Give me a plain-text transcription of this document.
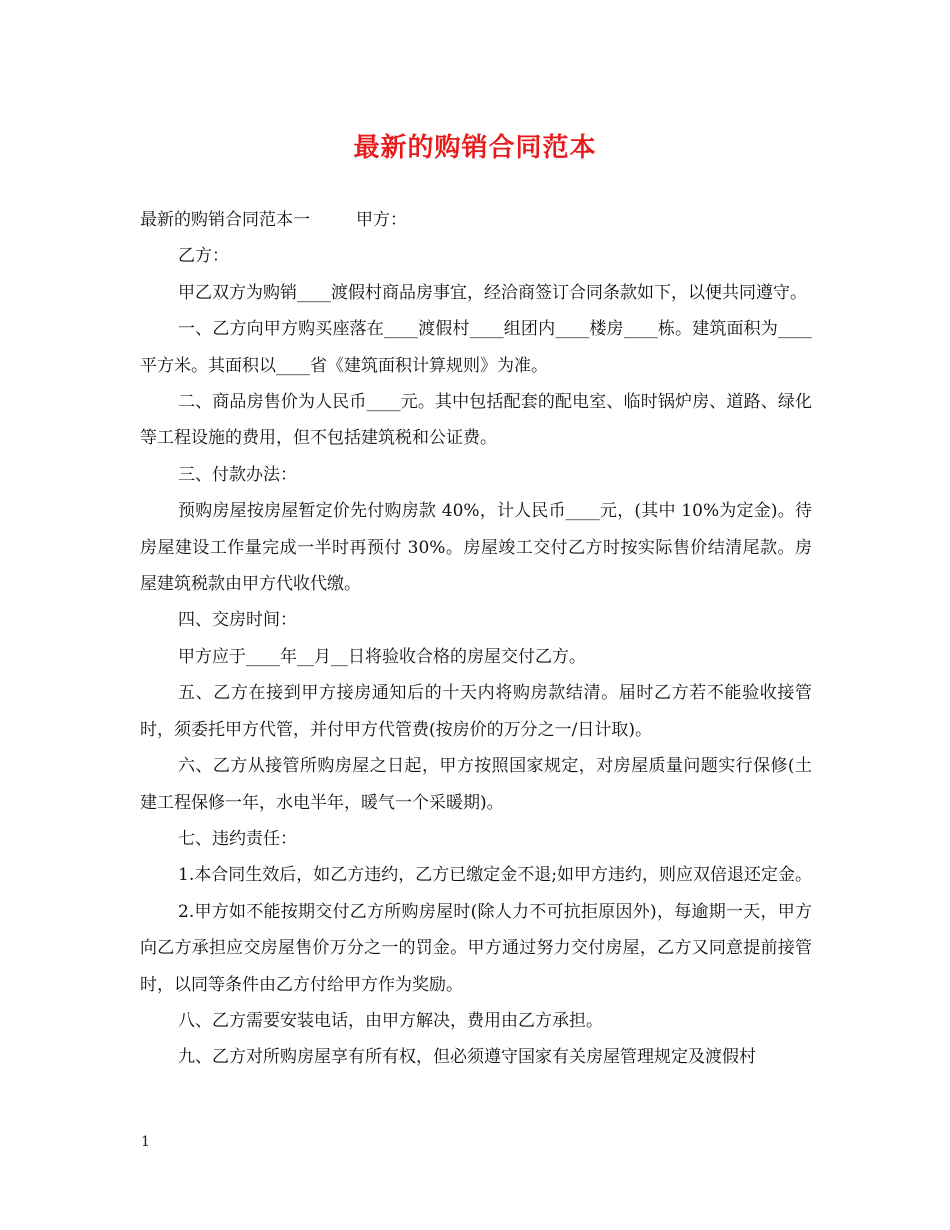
最新的购销合同范本

最新的购销合同范本一	甲方：

乙方：

甲乙双方为购销____渡假村商品房事宜，经洽商签订合同条款如下，以便共同遵守。

一、乙方向甲方购买座落在____渡假村____组团内____楼房____栋。建筑面积为____平方米。其面积以____省《建筑面积计算规则》为准。

二、商品房售价为人民币____元。其中包括配套的配电室、临时锅炉房、道路、绿化等工程设施的费用，但不包括建筑税和公证费。

三、付款办法：

预购房屋按房屋暂定价先付购房款 40%，计人民币____元，(其中 10%为定金)。待房屋建设工作量完成一半时再预付 30%。房屋竣工交付乙方时按实际售价结清尾款。房屋建筑税款由甲方代收代缴。

四、交房时间：

甲方应于____年__月__日将验收合格的房屋交付乙方。

五、乙方在接到甲方接房通知后的十天内将购房款结清。届时乙方若不能验收接管时，须委托甲方代管，并付甲方代管费(按房价的万分之一/日计取)。

六、乙方从接管所购房屋之日起，甲方按照国家规定，对房屋质量问题实行保修(土建工程保修一年，水电半年，暖气一个采暖期)。

七、违约责任：

1.本合同生效后，如乙方违约，乙方已缴定金不退;如甲方违约，则应双倍退还定金。

2.甲方如不能按期交付乙方所购房屋时(除人力不可抗拒原因外)，每逾期一天，甲方向乙方承担应交房屋售价万分之一的罚金。甲方通过努力交付房屋，乙方又同意提前接管时，以同等条件由乙方付给甲方作为奖励。

八、乙方需要安装电话，由甲方解决，费用由乙方承担。

九、乙方对所购房屋享有所有权，但必须遵守国家有关房屋管理规定及渡假村

1
